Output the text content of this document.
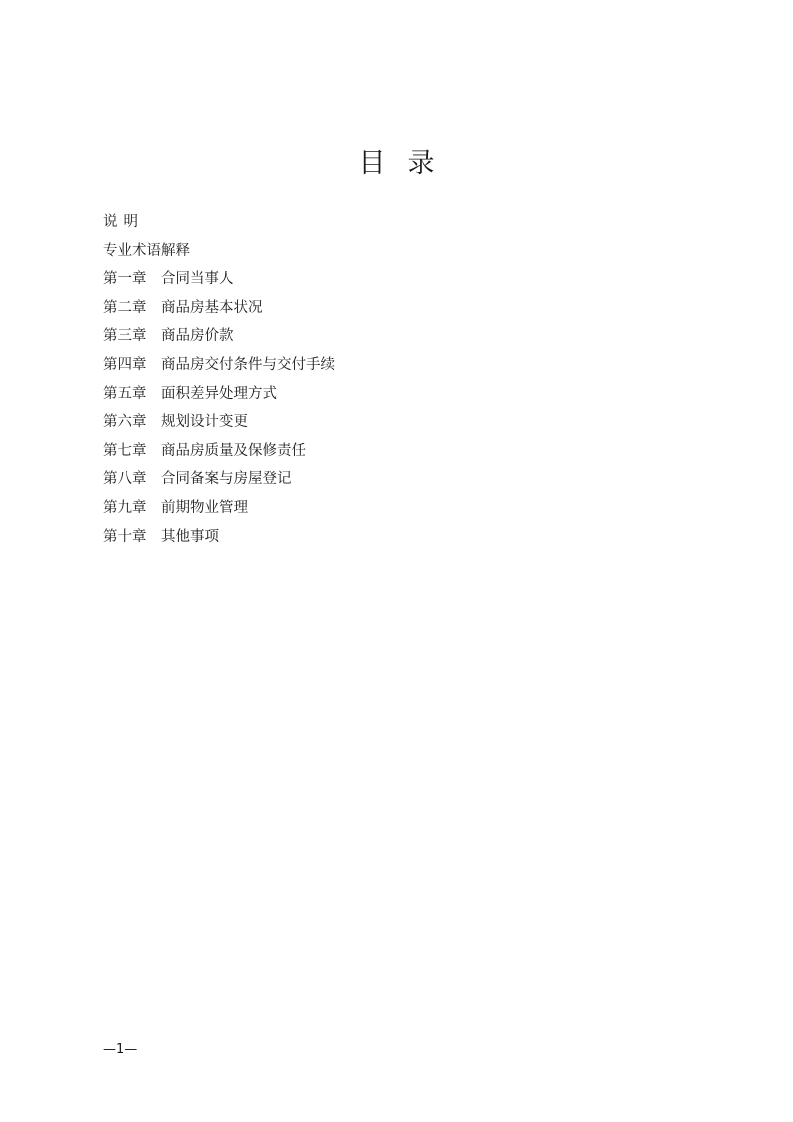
目 录
说明
专业术语解释
第一章 合同当事人
第二章 商品房基本状况
第三章 商品房价款
第四章 商品房交付条件与交付手续
第五章 面积差异处理方式
第六章 规划设计变更
第七章 商品房质量及保修责任
第八章 合同备案与房屋登记
第九章 前期物业管理
第十章 其他事项
—1—
